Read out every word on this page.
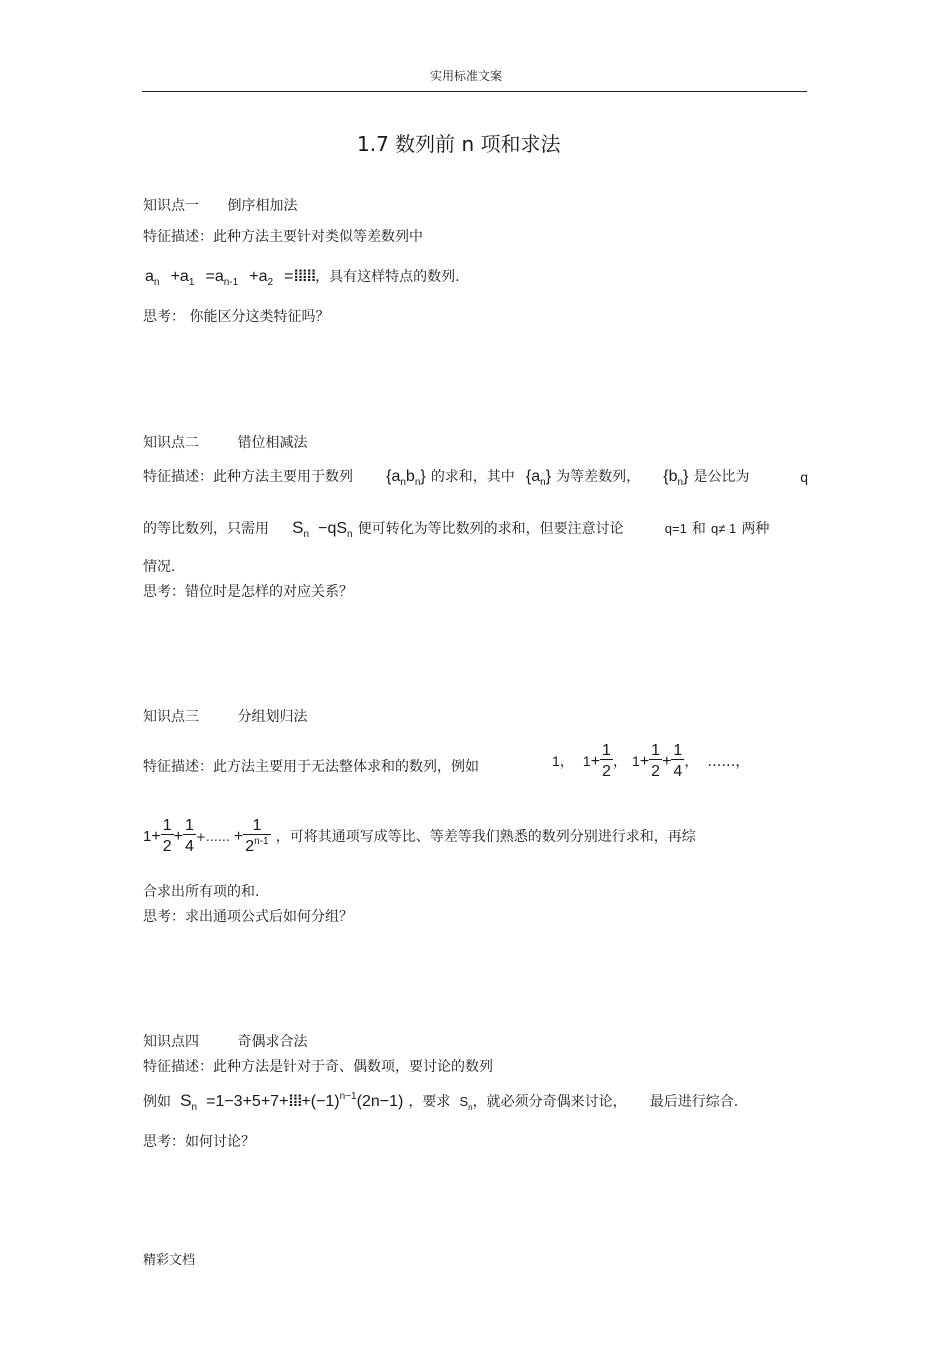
实用标准文案
1.7 数列前 n 项和求法
知识点一 倒序相加法
特征描述：此种方法主要针对类似等差数列中
$a_n +a_1 =a_{n-1} +a_2$ =⁞⁞⁞⁞⁞，具有这样特点的数列.
思考： 你能区分这类特征吗？
知识点二	错位相减法
特征描述：此种方法主要用于数列 $\{a_nb_n\}$ 的求和，其中 $\{a_n\}$ 为等差数列， $\{b_n\}$ 是公比为	q
的等比数列，只需用 $S_n -qS_n$ 便可转化为等比数列的求和，但要注意讨论	q=1 和 q≠ 1 两种
情况.
思考：错位时是怎样的对应关系？
知识点三	分组划归法
特征描述：此方法主要用于无法整体求和的数列，例如	1， $1+ \frac{1}{2}$ ， $1+ \frac{1}{2} + \frac{1}{4}$ ， ……，
$1+ \frac{1}{2} + \frac{1}{4}$ +…… + $\frac{1}{2^{n-1}}$ ，可将其通项写成等比、等差等我们熟悉的数列分别进行求和，再综
合求出所有项的和.
思考：求出通项公式后如何分组？
知识点四	奇偶求合法
特征描述：此种方法是针对于奇、偶数项，要讨论的数列
例如 $S_n$ $=1-3+5+7+⁞⁞⁞+(-1)^{n-1}(2n-1)$ ，要求 $S_n$，就必须分奇偶来讨论， 最后进行综合.
思考：如何讨论？
精彩文档
